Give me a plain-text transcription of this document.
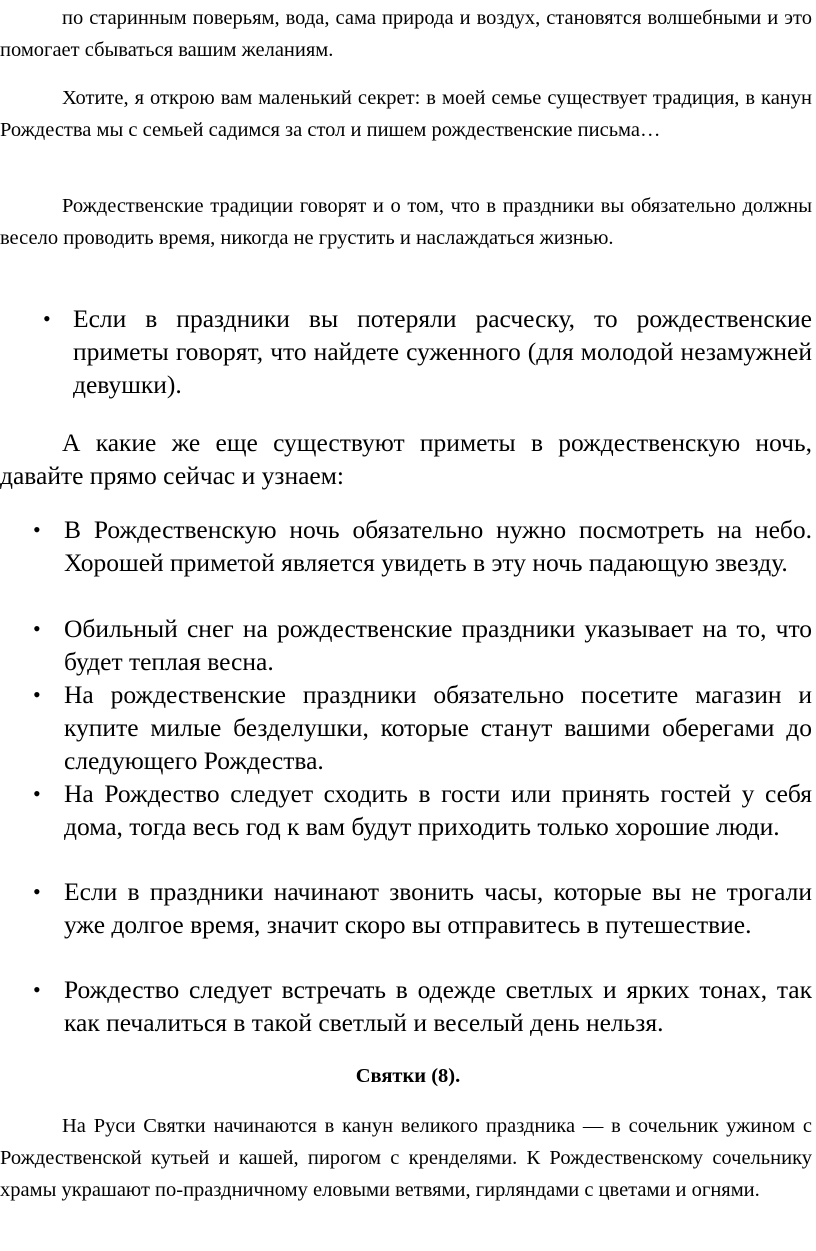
по старинным поверьям, вода, сама природа и воздух, становятся волшебными и это помогает сбываться вашим желаниям.

Хотите, я открою вам маленький секрет: в моей семье существует традиция, в канун Рождества мы с семьей садимся за стол и пишем рождественские письма…

Рождественские традиции говорят и о том, что в праздники вы обязательно должны весело проводить время, никогда не грустить и наслаждаться жизнью.

• Если в праздники вы потеряли расческу, то рождественские приметы говорят, что найдете суженного (для молодой незамужней девушки).

А какие же еще существуют приметы в рождественскую ночь, давайте прямо сейчас и узнаем:

• В Рождественскую ночь обязательно нужно посмотреть на небо. Хорошей приметой является увидеть в эту ночь падающую звезду.

• Обильный снег на рождественские праздники указывает на то, что будет теплая весна.

• На рождественские праздники обязательно посетите магазин и купите милые безделушки, которые станут вашими оберегами до следующего Рождества.

• На Рождество следует сходить в гости или принять гостей у себя дома, тогда весь год к вам будут приходить только хорошие люди.

• Если в праздники начинают звонить часы, которые вы не трогали уже долгое время, значит скоро вы отправитесь в путешествие.

• Рождество следует встречать в одежде светлых и ярких тонах, так как печалиться в такой светлый и веселый день нельзя.

Святки (8).

На Руси Святки начинаются в канун великого праздника — в сочельник ужином с Рождественской кутьей и кашей, пирогом с кренделями. К Рождественскому сочельнику храмы украшают по-праздничному еловыми ветвями, гирляндами с цветами и огнями.
